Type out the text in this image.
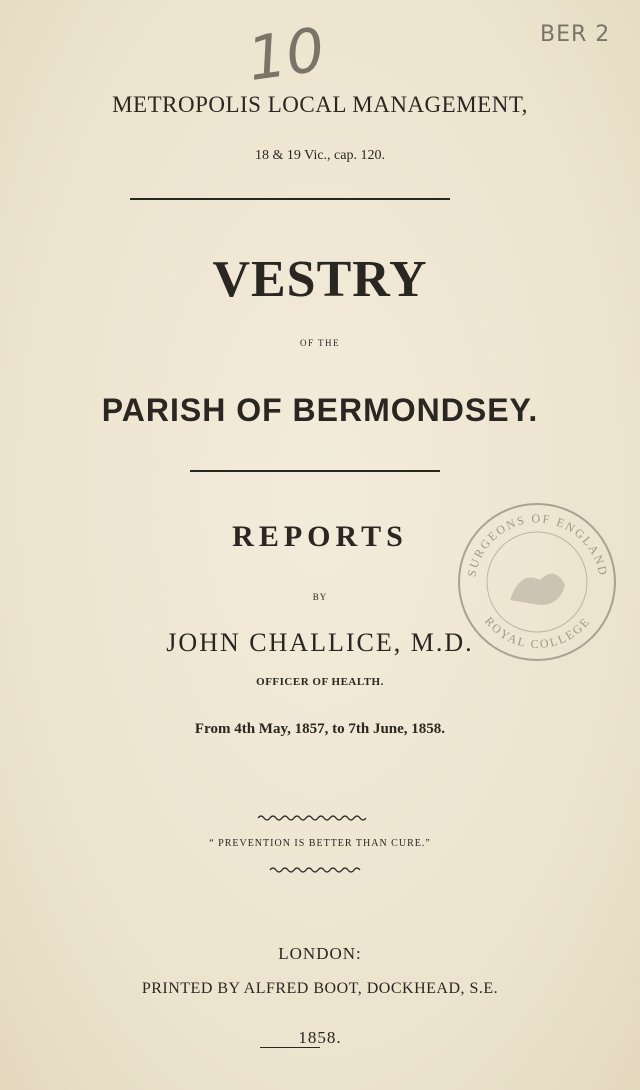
10	BER 2
METROPOLIS LOCAL MANAGEMENT,
18 & 19 Vic., cap. 120.
VESTRY
OF THE
PARISH OF BERMONDSEY.
REPORTS
BY
JOHN CHALLICE, M.D.
OFFICER OF HEALTH.
From 4th May, 1857, to 7th June, 1858.
“ PREVENTION IS BETTER THAN CURE.”
LONDON:
PRINTED BY ALFRED BOOT, DOCKHEAD, S.E.
1858.
SURGEONS OF ENGLAND
ROYAL COLLEGE
